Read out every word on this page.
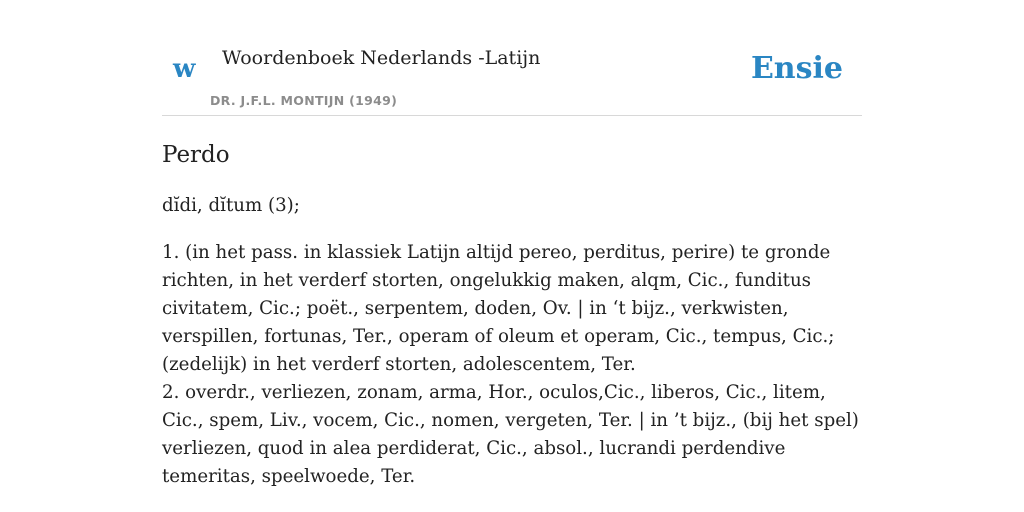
w Woordenboek Nederlands -Latijn
DR. J.F.L. MONTIJN (1949)
Ensie
Perdo
dĭdi, dĭtum (3);

1. (in het pass. in klassiek Latijn altijd pereo, perditus, perire) te gronde richten, in het verderf storten, ongelukkig maken, alqm, Cic., funditus civitatem, Cic.; poët., serpentem, doden, Ov. | in ‘t bijz., verkwisten, verspillen, fortunas, Ter., operam of oleum et operam, Cic., tempus, Cic.; (zedelijk) in het verderf storten, adolescentem, Ter.

2. overdr., verliezen, zonam, arma, Hor., oculos,Cic., liberos, Cic., litem, Cic., spem, Liv., vocem, Cic., nomen, vergeten, Ter. | in ’t bijz., (bij het spel) verliezen, quod in alea perdiderat, Cic., absol., lucrandi perdendive temeritas, speelwoede, Ter.
